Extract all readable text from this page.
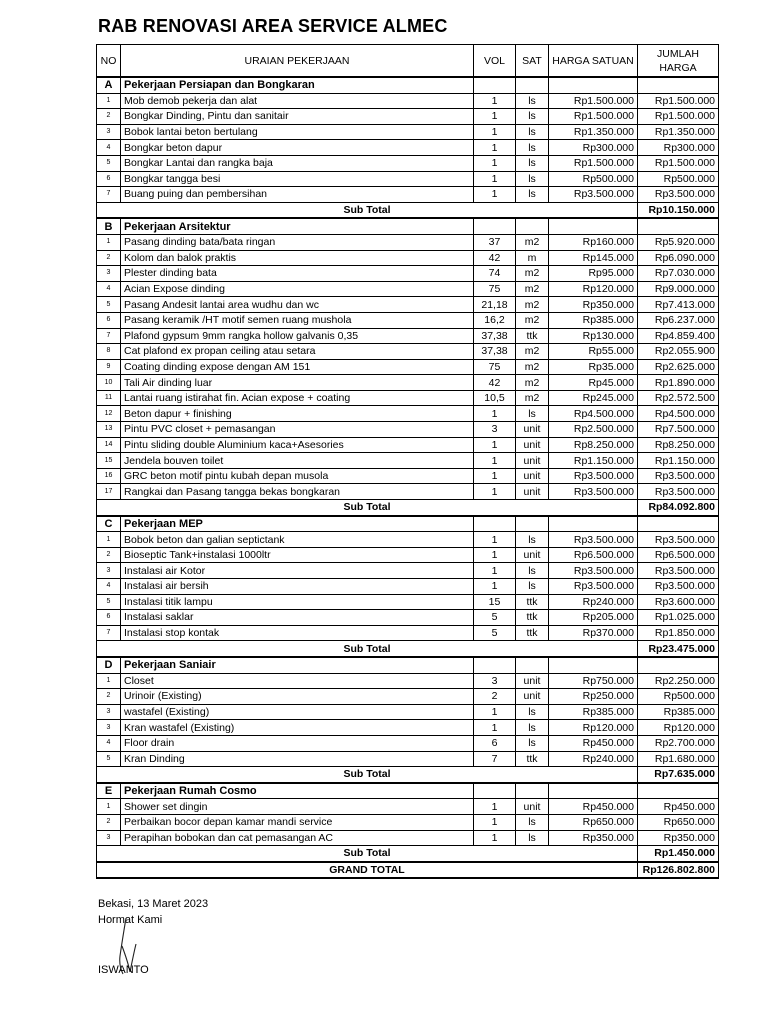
RAB RENOVASI AREA SERVICE ALMEC
NO	URAIAN PEKERJAAN	VOL	SAT	HARGA SATUAN	JUMLAH HARGA
A	Pekerjaan Persiapan dan Bongkaran				
1	Mob demob pekerja dan alat	1	ls	Rp1.500.000	Rp1.500.000
2	Bongkar Dinding, Pintu dan sanitair	1	ls	Rp1.500.000	Rp1.500.000
3	Bobok lantai beton bertulang	1	ls	Rp1.350.000	Rp1.350.000
4	Bongkar beton dapur	1	ls	Rp300.000	Rp300.000
5	Bongkar Lantai dan rangka baja	1	ls	Rp1.500.000	Rp1.500.000
6	Bongkar tangga besi	1	ls	Rp500.000	Rp500.000
7	Buang puing dan pembersihan	1	ls	Rp3.500.000	Rp3.500.000
Sub Total					Rp10.150.000
B	Pekerjaan Arsitektur				
1	Pasang dinding bata/bata ringan	37	m2	Rp160.000	Rp5.920.000
2	Kolom dan balok praktis	42	m	Rp145.000	Rp6.090.000
3	Plester dinding bata	74	m2	Rp95.000	Rp7.030.000
4	Acian Expose dinding	75	m2	Rp120.000	Rp9.000.000
5	Pasang Andesit lantai area wudhu dan wc	21,18	m2	Rp350.000	Rp7.413.000
6	Pasang keramik /HT motif semen ruang mushola	16,2	m2	Rp385.000	Rp6.237.000
7	Plafond gypsum 9mm rangka hollow galvanis 0,35	37,38	ttk	Rp130.000	Rp4.859.400
8	Cat plafond ex propan ceiling atau setara	37,38	m2	Rp55.000	Rp2.055.900
9	Coating dinding expose dengan AM 151	75	m2	Rp35.000	Rp2.625.000
10	Tali Air dinding luar	42	m2	Rp45.000	Rp1.890.000
11	Lantai ruang istirahat fin. Acian expose + coating	10,5	m2	Rp245.000	Rp2.572.500
12	Beton dapur + finishing	1	ls	Rp4.500.000	Rp4.500.000
13	Pintu PVC closet + pemasangan	3	unit	Rp2.500.000	Rp7.500.000
14	Pintu sliding double Aluminium kaca+Asesories	1	unit	Rp8.250.000	Rp8.250.000
15	Jendela bouven toilet	1	unit	Rp1.150.000	Rp1.150.000
16	GRC beton motif pintu kubah depan musola	1	unit	Rp3.500.000	Rp3.500.000
17	Rangkai dan Pasang tangga bekas bongkaran	1	unit	Rp3.500.000	Rp3.500.000
Sub Total					Rp84.092.800
C	Pekerjaan MEP				
1	Bobok beton dan galian septictank	1	ls	Rp3.500.000	Rp3.500.000
2	Bioseptic Tank+instalasi 1000ltr	1	unit	Rp6.500.000	Rp6.500.000
3	Instalasi air Kotor	1	ls	Rp3.500.000	Rp3.500.000
4	Instalasi air bersih	1	ls	Rp3.500.000	Rp3.500.000
5	Instalasi titik lampu	15	ttk	Rp240.000	Rp3.600.000
6	Instalasi saklar	5	ttk	Rp205.000	Rp1.025.000
7	Instalasi stop kontak	5	ttk	Rp370.000	Rp1.850.000
Sub Total					Rp23.475.000
D	Pekerjaan Saniair				
1	Closet	3	unit	Rp750.000	Rp2.250.000
2	Urinoir (Existing)	2	unit	Rp250.000	Rp500.000
3	wastafel (Existing)	1	ls	Rp385.000	Rp385.000
3	Kran wastafel (Existing)	1	ls	Rp120.000	Rp120.000
4	Floor drain	6	ls	Rp450.000	Rp2.700.000
5	Kran Dinding	7	ttk	Rp240.000	Rp1.680.000
Sub Total					Rp7.635.000
E	Pekerjaan Rumah Cosmo				
1	Shower set dingin	1	unit	Rp450.000	Rp450.000
2	Perbaikan bocor depan kamar mandi service	1	ls	Rp650.000	Rp650.000
3	Perapihan bobokan dan cat pemasangan AC	1	ls	Rp350.000	Rp350.000
Sub Total					Rp1.450.000
GRAND TOTAL					Rp126.802.800
Bekasi, 13 Maret 2023
Hormat Kami
ISWANTO
